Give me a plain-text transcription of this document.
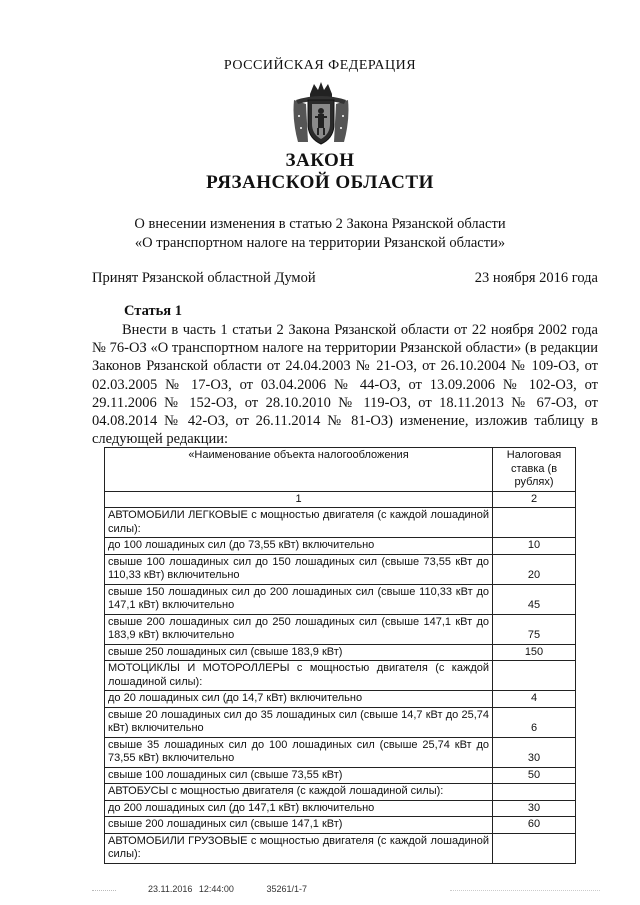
РОССИЙСКАЯ ФЕДЕРАЦИЯ
ЗАКОН
РЯЗАНСКОЙ ОБЛАСТИ
О внесении изменения в статью 2 Закона Рязанской области
«О транспортном налоге на территории Рязанской области»
Принят Рязанской областной Думой	23 ноября 2016 года
Статья 1
Внести в часть 1 статьи 2 Закона Рязанской области от 22 ноября 2002 года № 76-ОЗ «О транспортном налоге на территории Рязанской области» (в редакции Законов Рязанской области от 24.04.2003 № 21-ОЗ, от 26.10.2004 № 109-ОЗ, от 02.03.2005 № 17-ОЗ, от 03.04.2006 № 44-ОЗ, от 13.09.2006 № 102-ОЗ, от 29.11.2006 № 152-ОЗ, от 28.10.2010 № 119-ОЗ, от 18.11.2013 № 67-ОЗ, от 04.08.2014 № 42-ОЗ, от 26.11.2014 № 81-ОЗ) изменение, изложив таблицу в следующей редакции:
«Наименование объекта налогообложения	Налоговая ставка (в рублях)
1	2
АВТОМОБИЛИ ЛЕГКОВЫЕ с мощностью двигателя (с каждой лошадиной силы):	
до 100 лошадиных сил (до 73,55 кВт) включительно	10
свыше 100 лошадиных сил до 150 лошадиных сил (свыше 73,55 кВт до 110,33 кВт) включительно	20
свыше 150 лошадиных сил до 200 лошадиных сил (свыше 110,33 кВт до 147,1 кВт) включительно	45
свыше 200 лошадиных сил до 250 лошадиных сил (свыше 147,1 кВт до 183,9 кВт) включительно	75
свыше 250 лошадиных сил (свыше 183,9 кВт)	150
МОТОЦИКЛЫ И МОТОРОЛЛЕРЫ с мощностью двигателя (с каждой лошадиной силы):	
до 20 лошадиных сил (до 14,7 кВт) включительно	4
свыше 20 лошадиных сил до 35 лошадиных сил (свыше 14,7 кВт до 25,74 кВт) включительно	6
свыше 35 лошадиных сил до 100 лошадиных сил (свыше 25,74 кВт до 73,55 кВт) включительно	30
свыше 100 лошадиных сил (свыше 73,55 кВт)	50
АВТОБУСЫ с мощностью двигателя (с каждой лошадиной силы):	
до 200 лошадиных сил (до 147,1 кВт) включительно	30
свыше 200 лошадиных сил (свыше 147,1 кВт)	60
АВТОМОБИЛИ ГРУЗОВЫЕ с мощностью двигателя (с каждой лошадиной силы):	
23.11.2016 12:44:00	35261/1-7
